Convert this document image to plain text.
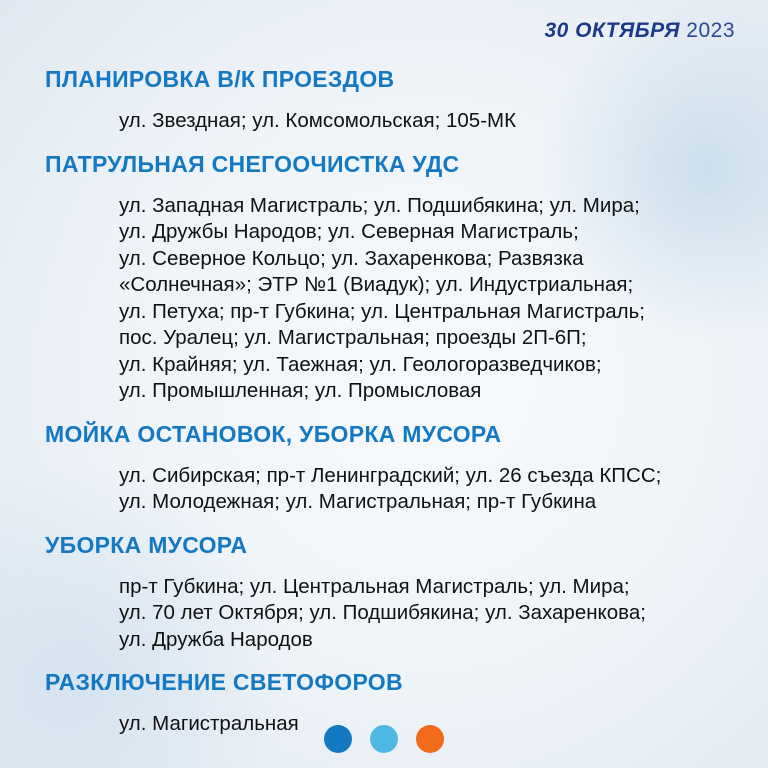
30 ОКТЯБРЯ 2023
ПЛАНИРОВКА В/К ПРОЕЗДОВ
ул. Звездная; ул. Комсомольская; 105-МК
ПАТРУЛЬНАЯ СНЕГООЧИСТКА УДС
ул. Западная Магистраль; ул. Подшибякина; ул. Мира;
ул. Дружбы Народов; ул. Северная Магистраль;
ул. Северное Кольцо; ул. Захаренкова; Развязка
«Солнечная»; ЭТР №1 (Виадук); ул. Индустриальная;
ул. Петуха; пр-т Губкина; ул. Центральная Магистраль;
пос. Уралец; ул. Магистральная; проезды 2П-6П;
ул. Крайняя; ул. Таежная; ул. Геологоразведчиков;
ул. Промышленная; ул. Промысловая
МОЙКА ОСТАНОВОК, УБОРКА МУСОРА
ул. Сибирская; пр-т Ленинградский; ул. 26 съезда КПСС;
ул. Молодежная; ул. Магистральная; пр-т Губкина
УБОРКА МУСОРА
пр-т Губкина; ул. Центральная Магистраль; ул. Мира;
ул. 70 лет Октября; ул. Подшибякина; ул. Захаренкова;
ул. Дружба Народов
РАЗКЛЮЧЕНИЕ СВЕТОФОРОВ
ул. Магистральная
